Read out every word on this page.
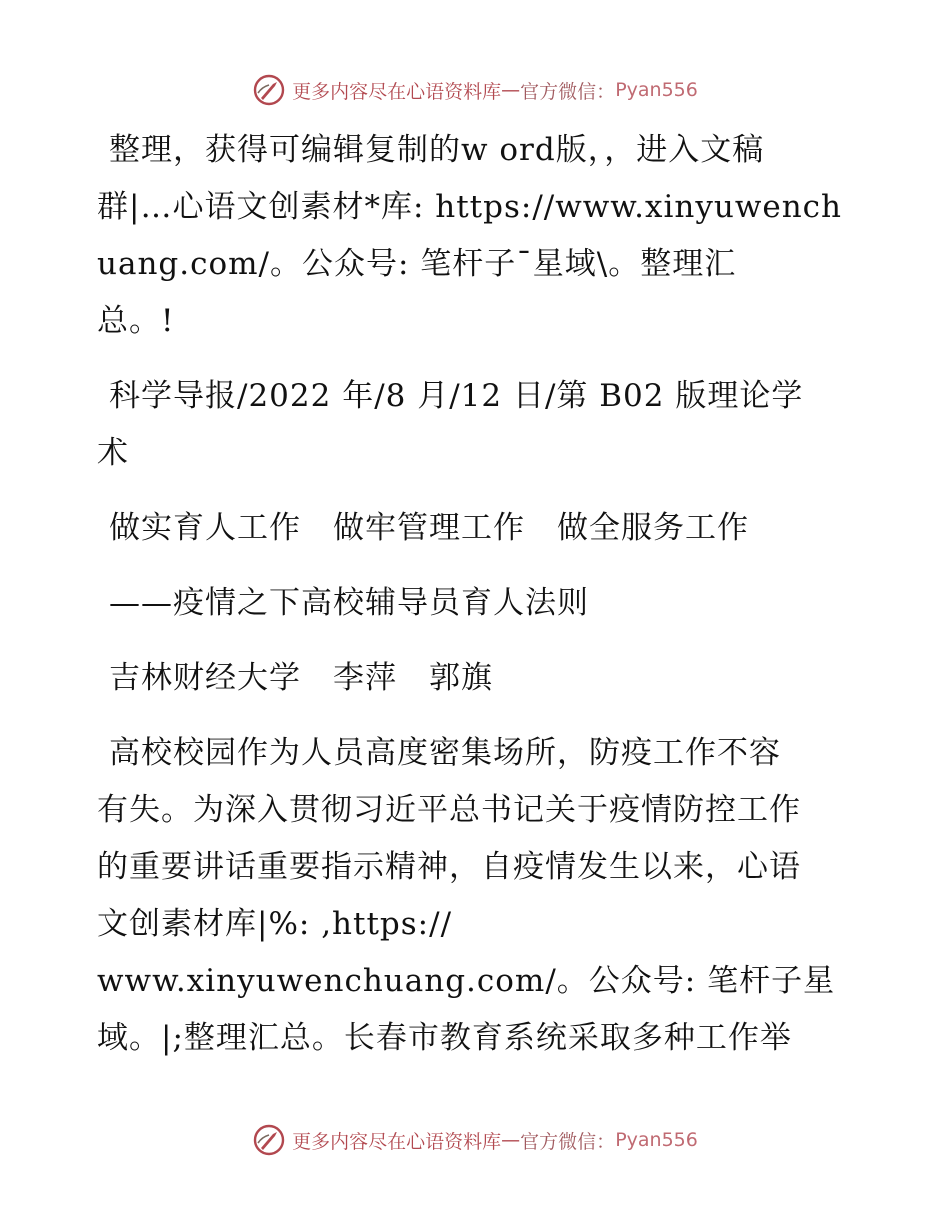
更多内容尽在心语资料库 — 官方微信： Pyan556
整理，获得可编辑复制的w ord版，，进入文稿
群|…心语文创素材*库: https://www.xinyuwench
uang.com/。公众号: 笔杆子¯星域\。整理汇
总。!
科学导报/2022 年/8 月/12 日/第 B02 版理论学
术
做实育人工作　做牢管理工作　做全服务工作
——疫情之下高校辅导员育人法则
吉林财经大学　李萍　郭旗
高校校园作为人员高度密集场所，防疫工作不容
有失。为深入贯彻习近平总书记关于疫情防控工作
的重要讲话重要指示精神，自疫情发生以来，心语
文创素材库|%: ,https://
www.xinyuwenchuang.com/。公众号: 笔杆子星
域。|;整理汇总。长春市教育系统采取多种工作举
更多内容尽在心语资料库 — 官方微信： Pyan556
